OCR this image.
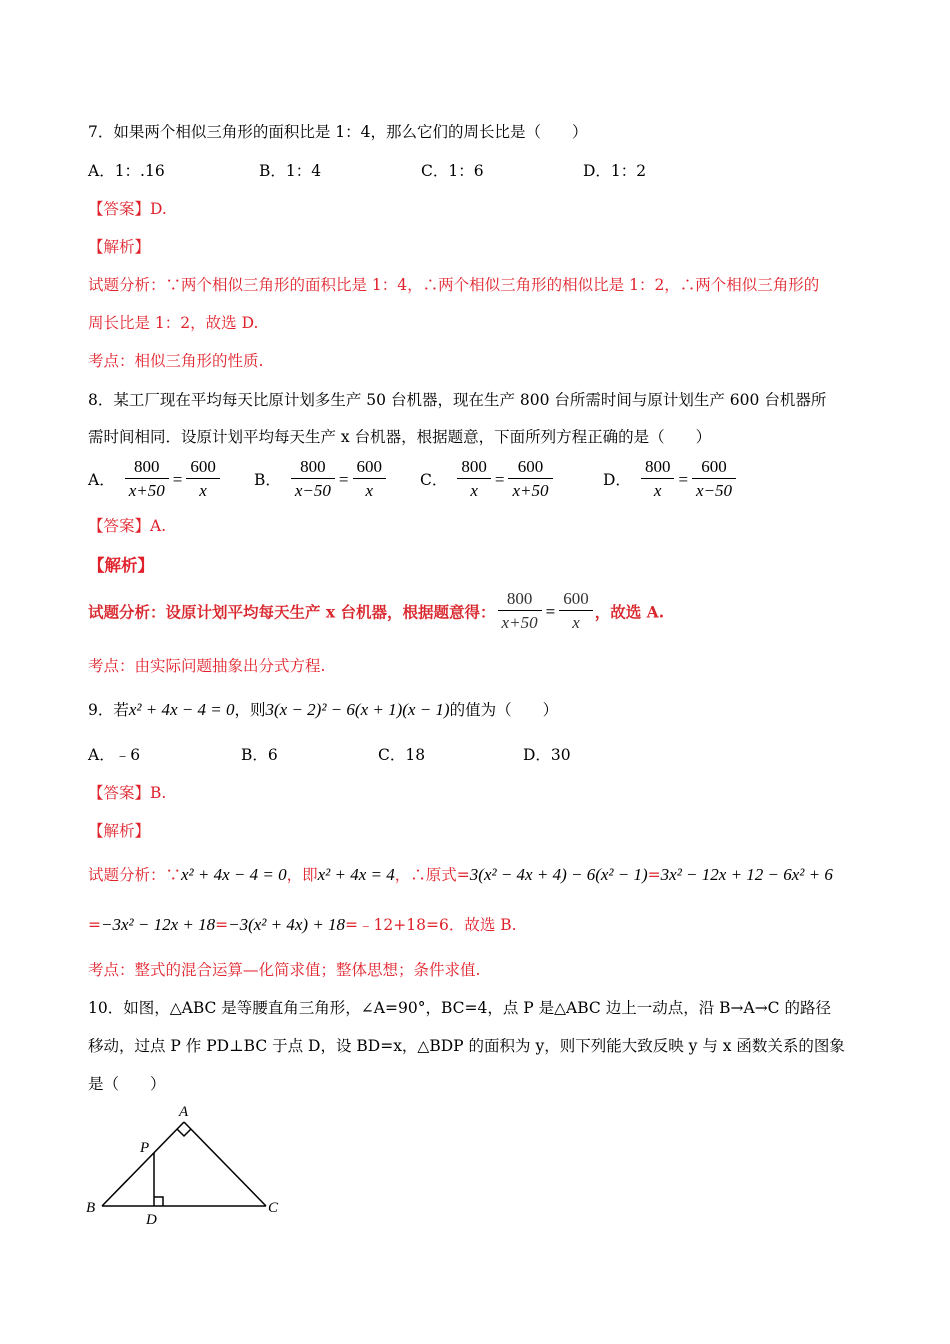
7．如果两个相似三角形的面积比是 1：4，那么它们的周长比是（　　）
A．1：.16	B．1：4	C．1：6	D．1：2
【答案】D.
【解析】
试题分析：∵两个相似三角形的面积比是 1：4，∴两个相似三角形的相似比是 1：2，∴两个相似三角形的
周长比是 1：2，故选 D.
考点：相似三角形的性质.
8．某工厂现在平均每天比原计划多生产 50 台机器，现在生产 800 台所需时间与原计划生产 600 台机器所
需时间相同．设原计划平均每天生产 x 台机器，根据题意，下面所列方程正确的是（　　）
A． $\frac{800}{x+50} = \frac{600}{x}$ B． $\frac{800}{x-50} = \frac{600}{x}$ C． $\frac{800}{x} = \frac{600}{x+50}$	D． $\frac{800}{x} = \frac{600}{x-50}$
【答案】A.
【解析】
试题分析：设原计划平均每天生产 x 台机器，根据题意得： $\frac{800}{x+50} = \frac{600}{x}$ ，故选 A.
考点：由实际问题抽象出分式方程.
9．若x² + 4x − 4 = 0，则3(x − 2)² − 6(x + 1)(x − 1)的值为（　　）
A．﹣6	B．6	C．18	D．30
【答案】B.
【解析】
试题分析：∵x² + 4x − 4 = 0，即x² + 4x = 4，∴原式=3(x² − 4x + 4) − 6(x² − 1)=3x² − 12x + 12 − 6x² + 6
=−3x² − 12x + 18=−3(x² + 4x) + 18=﹣12+18=6．故选 B.
考点：整式的混合运算—化简求值；整体思想；条件求值.
10．如图，△ABC 是等腰直角三角形，∠A=90°，BC=4，点 P 是△ABC 边上一动点，沿 B→A→C 的路径
移动，过点 P 作 PD⊥BC 于点 D，设 BD=x，△BDP 的面积为 y，则下列能大致反映 y 与 x 函数关系的图象
是（　　）
A
P
B
D
C
